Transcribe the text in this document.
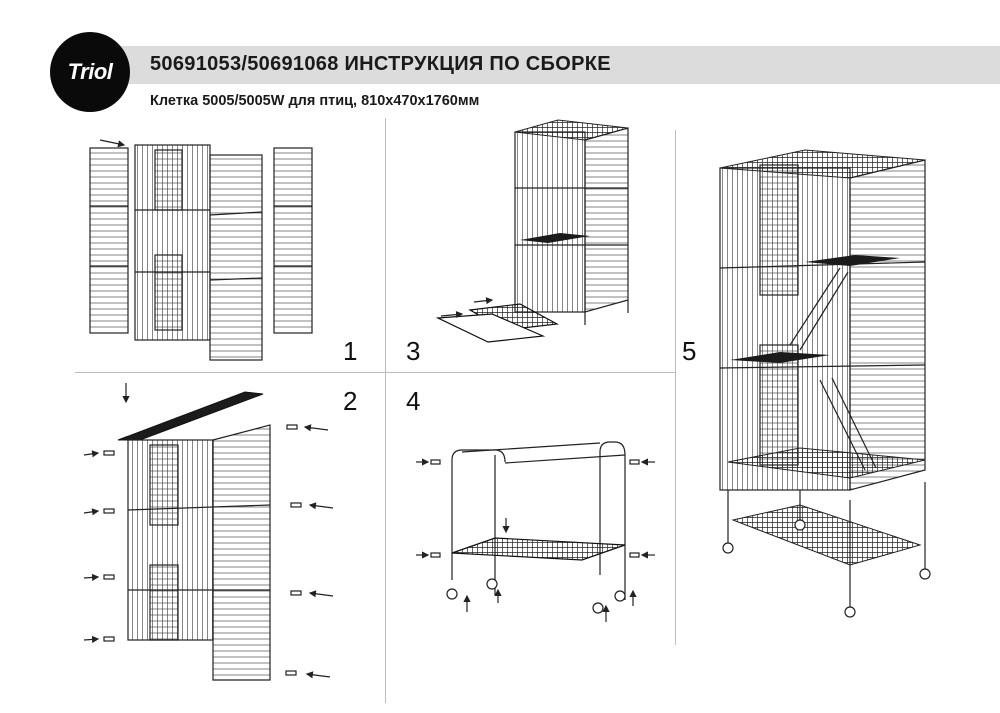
Triol 50691053/50691068 ИНСТРУКЦИЯ ПО СБОРКЕ
Клетка 5005/5005W для птиц, 810x470x1760мм
1
2
3
4
5
